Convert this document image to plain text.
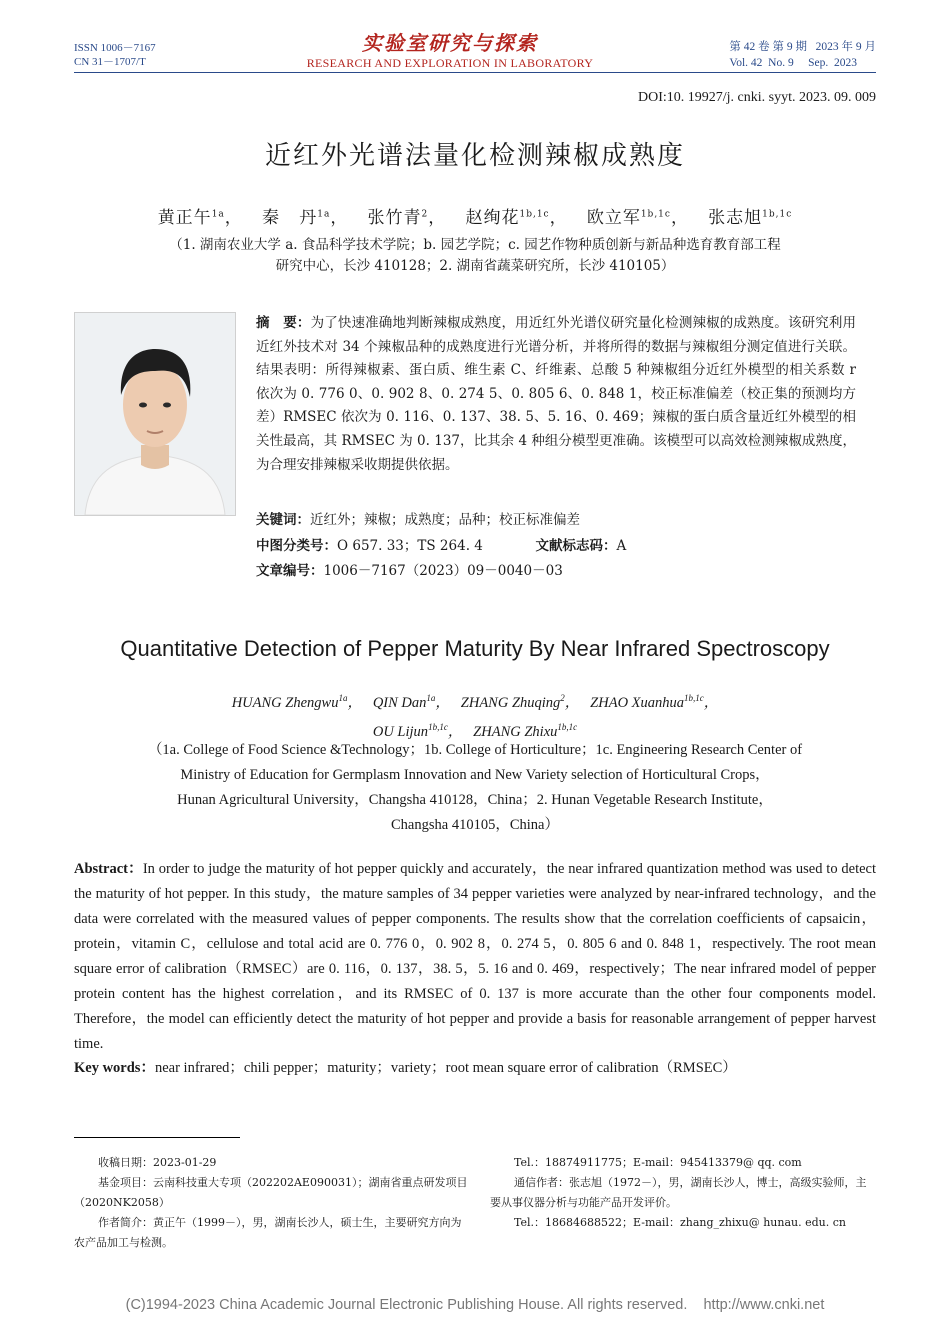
ISSN 1006－7167
CN 31－1707/T
实验室研究与探索
RESEARCH AND EXPLORATION IN LABORATORY
第 42 卷 第 9 期   2023 年 9 月
Vol. 42  No. 9     Sep.  2023
DOI:10. 19927/j. cnki. syyt. 2023. 09. 009
近红外光谱法量化检测辣椒成熟度
黄正午$^{1a}$，   秦   丹$^{1a}$，   张竹青$^2$，   赵绚花$^{1b,1c}$，   欧立军$^{1b,1c}$，   张志旭$^{1b,1c}$
（1. 湖南农业大学 a. 食品科学技术学院；b. 园艺学院；c. 园艺作物种质创新与新品种选育教育部工程
研究中心，长沙 410128；2. 湖南省蔬菜研究所，长沙 410105）
摘　要：为了快速准确地判断辣椒成熟度，用近红外光谱仪研究量化检测辣椒的成熟度。该研究利用近红外技术对 34 个辣椒品种的成熟度进行光谱分析，并将所得的数据与辣椒组分测定值进行关联。结果表明：所得辣椒素、蛋白质、维生素 C、纤维素、总酸 5 种辣椒组分近红外模型的相关系数 r 依次为 0. 776 0、0. 902 8、0. 274 5、0. 805 6、0. 848 1，校正标准偏差（校正集的预测均方差）RMSEC 依次为 0. 116、0. 137、38. 5、5. 16、0. 469；辣椒的蛋白质含量近红外模型的相关性最高，其 RMSEC 为 0. 137，比其余 4 种组分模型更准确。该模型可以高效检测辣椒成熟度，为合理安排辣椒采收期提供依据。
关键词：近红外；辣椒；成熟度；品种；校正标准偏差
中图分类号：O 657. 33；TS 264. 4	文献标志码：A
文章编号：1006－7167（2023）09－0040－03
Quantitative Detection of Pepper Maturity By Near Infrared Spectroscopy
HUANG Zhengwu$^{1a}$，   QIN Dan$^{1a}$，   ZHANG Zhuqing$^2$，   ZHAO Xuanhua$^{1b,1c}$，
OU Lijun$^{1b,1c}$，   ZHANG Zhixu$^{1b,1c}$
（1a. College of Food Science &Technology；1b. College of Horticulture；1c. Engineering Research Center of
Ministry of Education for Germplasm Innovation and New Variety selection of Horticultural Crops，
Hunan Agricultural University，Changsha 410128，China；2. Hunan Vegetable Research Institute，
Changsha 410105，China）
Abstract：In order to judge the maturity of hot pepper quickly and accurately，the near infrared quantization method was used to detect the maturity of hot pepper. In this study，the mature samples of 34 pepper varieties were analyzed by near-infrared technology，and the data were correlated with the measured values of pepper components. The results show that the correlation coefficients of capsaicin，protein，vitamin C，cellulose and total acid are 0. 776 0，0. 902 8，0. 274 5，0. 805 6 and 0. 848 1，respectively. The root mean square error of calibration（RMSEC）are 0. 116，0. 137，38. 5，5. 16 and 0. 469，respectively；The near infrared model of pepper protein content has the highest correlation，and its RMSEC of 0. 137 is more accurate than the other four components model. Therefore，the model can efficiently detect the maturity of hot pepper and provide a basis for reasonable arrangement of pepper harvest time.
Key words：near infrared；chili pepper；maturity；variety；root mean square error of calibration（RMSEC）

收稿日期：2023-01-29

基金项目：云南科技重大专项（202202AE090031）；湖南省重点研发项目（2020NK2058）

作者简介：黄正午（1999－），男，湖南长沙人，硕士生，主要研究方向为农产品加工与检测。

Tel.：18874911775；E-mail：945413379@ qq. com

通信作者：张志旭（1972－），男，湖南长沙人，博士，高级实验师，主要从事仪器分析与功能产品开发评价。

Tel.：18684688522；E-mail：zhang_zhixu@ hunau. edu. cn

(C)1994-2023 China Academic Journal Electronic Publishing House. All rights reserved.    http://www.cnki.net
